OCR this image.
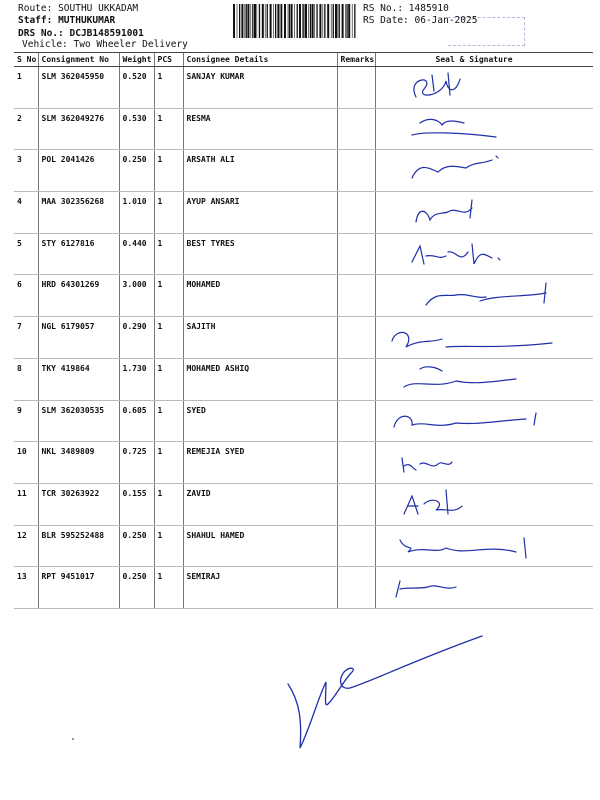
Route: SOUTHU UKKADAM
Staff: MUTHUKUMAR
DRS No.: DCJB148591001
Vehicle: Two Wheeler Delivery
RS No.: 1485910
RS Date: 06-Jan-2025
S No	Consignment No	Weight	PCS	Consignee Details	Remarks	Seal & Signature
1	SLM 362045950	0.520	1	SANJAY KUMAR		

2	SLM 362049276	0.530	1	RESMA		

3	POL 2041426	0.250	1	ARSATH ALI		

4	MAA 302356268	1.010	1	AYUP ANSARI		

5	STY 6127816	0.440	1	BEST TYRES		

6	HRD 64301269	3.000	1	MOHAMED		

7	NGL 6179057	0.290	1	SAJITH		

8	TKY 419864	1.730	1	MOHAMED ASHIQ		

9	SLM 362030535	0.605	1	SYED		

10	NKL 3489809	0.725	1	REMEJIA SYED		

11	TCR 30263922	0.155	1	ZAVID		

12	BLR 595252488	0.250	1	SHAHUL HAMED		

13	RPT 9451017	0.250	1	SEMIRAJ		
